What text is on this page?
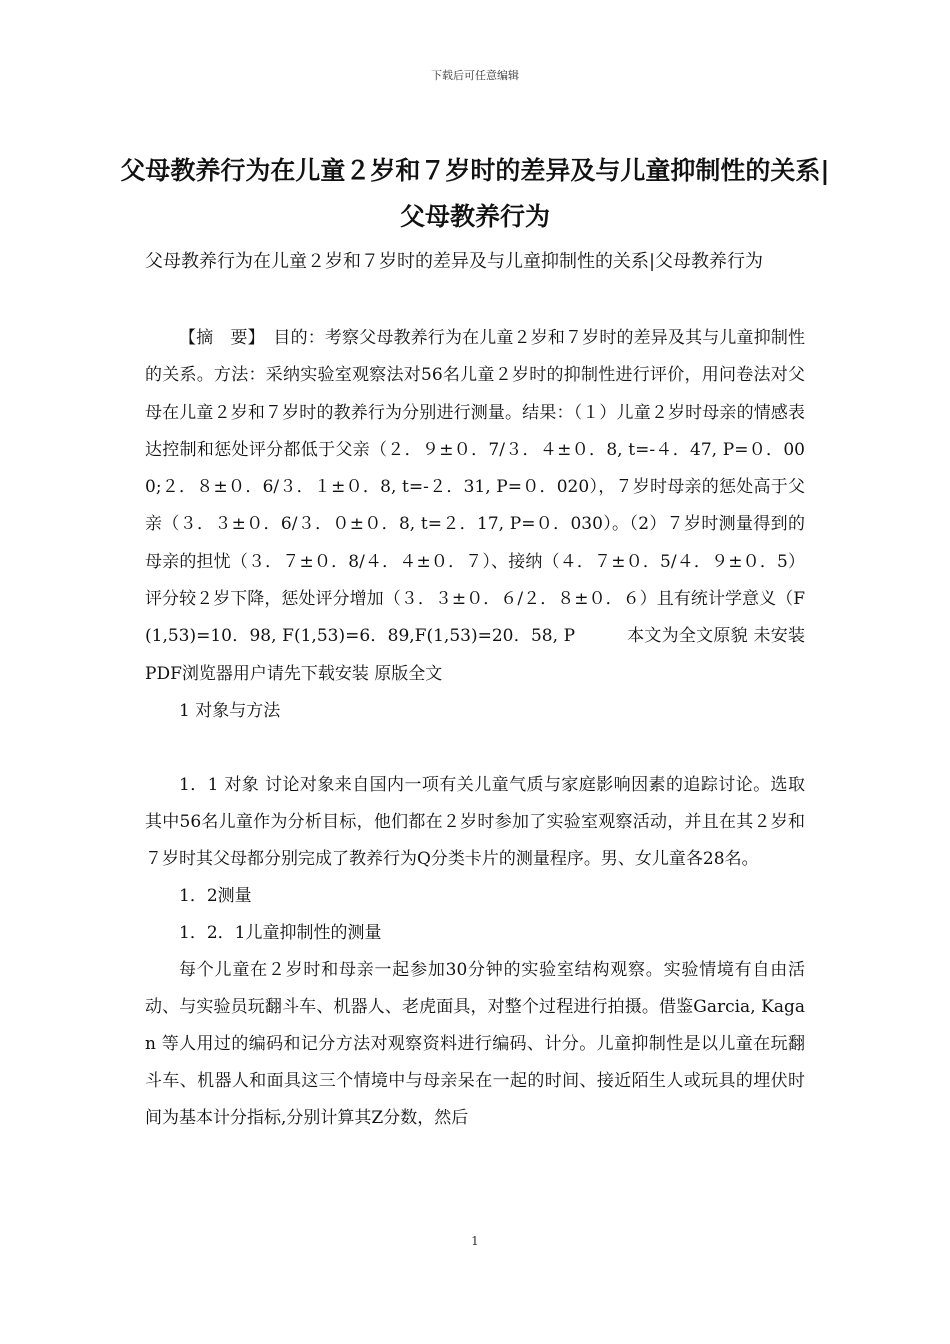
下载后可任意编辑
父母教养行为在儿童２岁和７岁时的差异及与儿童抑制性的关系|父母教养行为
父母教养行为在儿童２岁和７岁时的差异及与儿童抑制性的关系|父母教养行为

【摘　要】　目的：考察父母教养行为在儿童２岁和７岁时的差异及其与儿童抑制性的关系。方法：采纳实验室观察法对56名儿童２岁时的抑制性进行评价，用问卷法对父母在儿童２岁和７岁时的教养行为分别进行测量。结果：（１）儿童２岁时母亲的情感表达控制和惩处评分都低于父亲（２．９±０．7/３．４±０．8, t=-４．47, P=０．000;２．８±０．6/３．１±０．8, t=-２．31, P=０．020），７岁时母亲的惩处高于父亲（３．３±０．6/３．０±０．8, t=２．17, P=０．030）。（2）７岁时测量得到的母亲的担忧（３．７±０．8/４．４±０．７）、接纳（４．７±０．5/４．９±０．5）评分较２岁下降，惩处评分增加（３．３±０．６/２．８±０．６）且有统计学意义（F(1,53)=10．98, F(1,53)=6．89,F(1,53)=20．58, P　　　本文为全文原貌 未安装PDF浏览器用户请先下载安装 原版全文

1 对象与方法

1．1 对象 讨论对象来自国内一项有关儿童气质与家庭影响因素的追踪讨论。选取其中56名儿童作为分析目标，他们都在２岁时参加了实验室观察活动，并且在其２岁和７岁时其父母都分别完成了教养行为Q分类卡片的测量程序。男、女儿童各28名。

1．2测量

1．2．1儿童抑制性的测量

每个儿童在２岁时和母亲一起参加30分钟的实验室结构观察。实验情境有自由活动、与实验员玩翻斗车、机器人、老虎面具，对整个过程进行拍摄。借鉴Garcia, Kagan 等人用过的编码和记分方法对观察资料进行编码、计分。儿童抑制性是以儿童在玩翻斗车、机器人和面具这三个情境中与母亲呆在一起的时间、接近陌生人或玩具的埋伏时间为基本计分指标,分别计算其Z分数，然后

1
